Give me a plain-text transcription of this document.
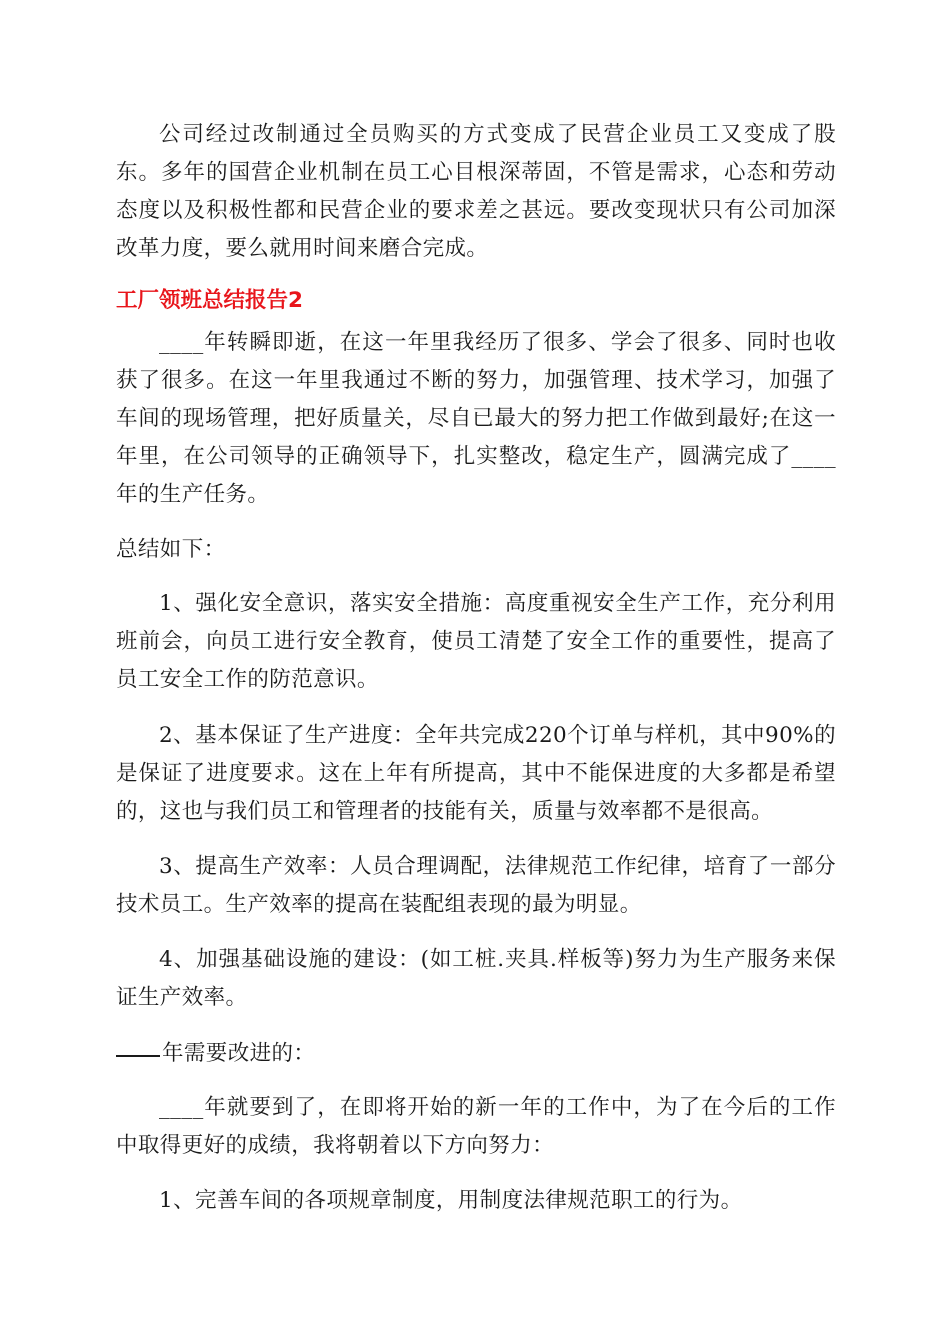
公司经过改制通过全员购买的方式变成了民营企业员工又变成了股东。多年的国营企业机制在员工心目根深蒂固，不管是需求，心态和劳动态度以及积极性都和民营企业的要求差之甚远。要改变现状只有公司加深改革力度，要么就用时间来磨合完成。

工厂领班总结报告2

____年转瞬即逝，在这一年里我经历了很多、学会了很多、同时也收获了很多。在这一年里我通过不断的努力，加强管理、技术学习，加强了车间的现场管理，把好质量关，尽自已最大的努力把工作做到最好;在这一年里，在公司领导的正确领导下，扎实整改，稳定生产，圆满完成了____年的生产任务。

总结如下：

1、强化安全意识，落实安全措施：高度重视安全生产工作，充分利用班前会，向员工进行安全教育，使员工清楚了安全工作的重要性，提高了员工安全工作的防范意识。

2、基本保证了生产进度：全年共完成220个订单与样机，其中90%的是保证了进度要求。这在上年有所提高，其中不能保进度的大多都是希望的，这也与我们员工和管理者的技能有关，质量与效率都不是很高。

3、提高生产效率：人员合理调配，法律规范工作纪律，培育了一部分技术员工。生产效率的提高在装配组表现的最为明显。

4、加强基础设施的建设：(如工桩.夹具.样板等)努力为生产服务来保证生产效率。

年需要改进的：

____年就要到了，在即将开始的新一年的工作中，为了在今后的工作中取得更好的成绩，我将朝着以下方向努力：

1、完善车间的各项规章制度，用制度法律规范职工的行为。
